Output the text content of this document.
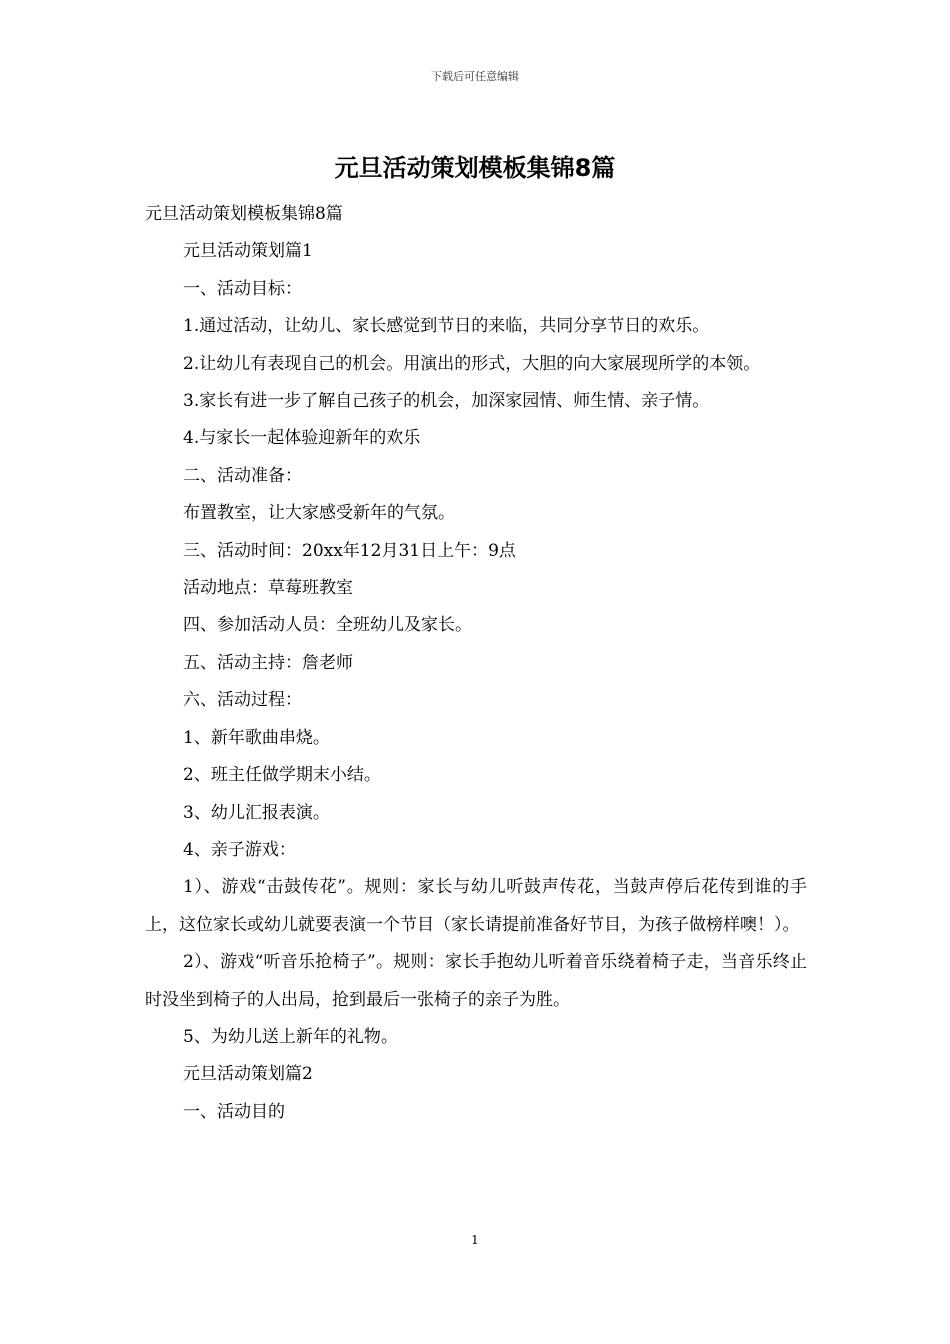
下载后可任意编辑
元旦活动策划模板集锦8篇

元旦活动策划模板集锦8篇

元旦活动策划篇1

一、活动目标：

1.通过活动，让幼儿、家长感觉到节日的来临，共同分享节日的欢乐。

2.让幼儿有表现自己的机会。用演出的形式，大胆的向大家展现所学的本领。

3.家长有进一步了解自己孩子的机会，加深家园情、师生情、亲子情。

4.与家长一起体验迎新年的欢乐

二、活动准备：

布置教室，让大家感受新年的气氛。

三、活动时间：20xx年12月31日上午：9点

活动地点：草莓班教室

四、参加活动人员：全班幼儿及家长。

五、活动主持：詹老师

六、活动过程：

1、新年歌曲串烧。

2、班主任做学期末小结。

3、幼儿汇报表演。

4、亲子游戏：

1）、游戏“击鼓传花”。规则：家长与幼儿听鼓声传花，当鼓声停后花传到谁的手上，这位家长或幼儿就要表演一个节目（家长请提前准备好节目，为孩子做榜样噢！）。

2）、游戏“听音乐抢椅子”。规则：家长手抱幼儿听着音乐绕着椅子走，当音乐终止时没坐到椅子的人出局，抢到最后一张椅子的亲子为胜。

5、为幼儿送上新年的礼物。

元旦活动策划篇2

一、活动目的

1
